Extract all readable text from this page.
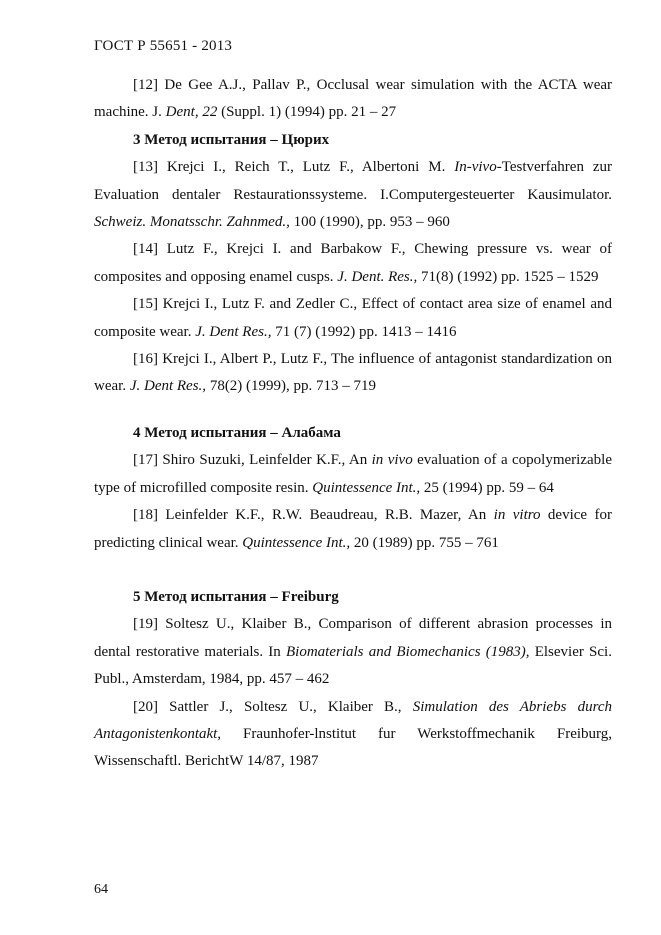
ГОСТ Р 55651 - 2013

[12] De Gee A.J., Pallav P., Occlusal wear simulation with the ACTA wear machine. J. Dent, 22 (Suppl. 1) (1994) pp. 21 – 27

3 Метод испытания – Цюрих

[13] Krejci I., Reich T., Lutz F., Albertoni M. In-vivo-Testverfahren zur Evaluation dentaler Restaurationssysteme. I.Computergesteuerter Kausimulator. Schweiz. Monatsschr. Zahnmed., 100 (1990), pp. 953 – 960

[14] Lutz F., Krejci I. and Barbakow F., Chewing pressure vs. wear of composites and opposing enamel cusps. J. Dent. Res., 71(8) (1992) pp. 1525 – 1529

[15] Krejci I., Lutz F. and Zedler C., Effect of contact area size of enamel and composite wear. J. Dent Res., 71 (7) (1992) pp. 1413 – 1416

[16] Krejci I., Albert P., Lutz F., The influence of antagonist standardization on wear. J. Dent Res., 78(2) (1999), pp. 713 – 719

4 Метод испытания – Алабама

[17] Shiro Suzuki, Leinfelder K.F., An in vivo evaluation of a copolymerizable type of microfilled composite resin. Quintessence Int., 25 (1994) pp. 59 – 64

[18] Leinfelder K.F., R.W. Beaudreau, R.B. Mazer, An in vitro device for predicting clinical wear. Quintessence Int., 20 (1989) pp. 755 – 761

5 Метод испытания – Freiburg

[19] Soltesz U., Klaiber B., Comparison of different abrasion processes in dental restorative materials. In Biomaterials and Biomechanics (1983), Elsevier Sci. Publ., Amsterdam, 1984, pp. 457 – 462

[20] Sattler J., Soltesz U., Klaiber B., Simulation des Abriebs durch Antagonistenkontakt, Fraunhofer-lnstitut fur Werkstoffmechanik Freiburg, Wissenschaftl. BerichtW 14/87, 1987

64
